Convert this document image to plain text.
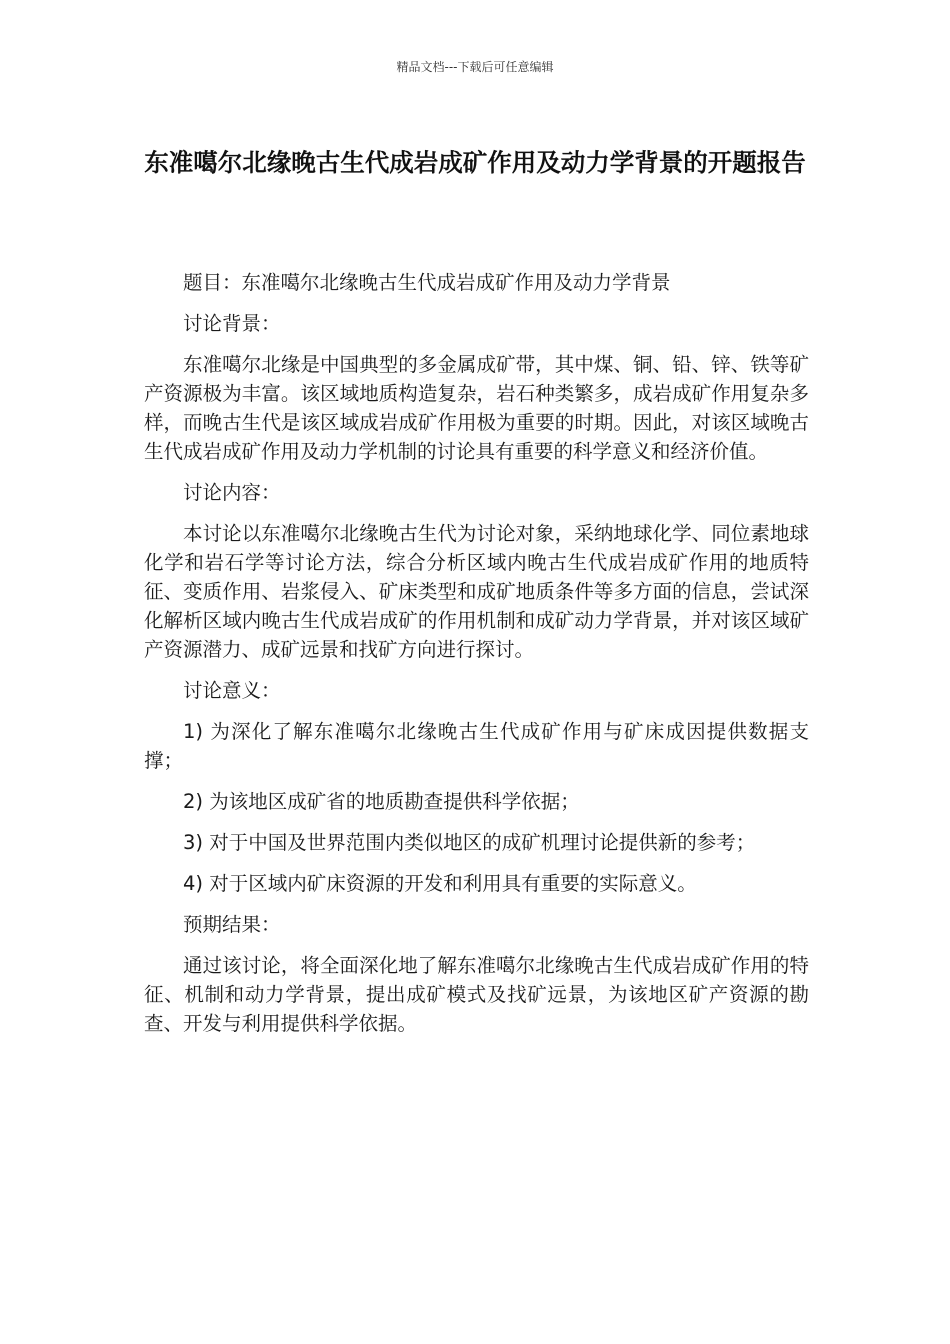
精品文档---下载后可任意编辑
东准噶尔北缘晚古生代成岩成矿作用及动力学背景的开题报告

题目：东准噶尔北缘晚古生代成岩成矿作用及动力学背景

讨论背景：

东准噶尔北缘是中国典型的多金属成矿带，其中煤、铜、铅、锌、铁等矿产资源极为丰富。该区域地质构造复杂，岩石种类繁多，成岩成矿作用复杂多样，而晚古生代是该区域成岩成矿作用极为重要的时期。因此，对该区域晚古生代成岩成矿作用及动力学机制的讨论具有重要的科学意义和经济价值。

讨论内容：

本讨论以东准噶尔北缘晚古生代为讨论对象，采纳地球化学、同位素地球化学和岩石学等讨论方法，综合分析区域内晚古生代成岩成矿作用的地质特征、变质作用、岩浆侵入、矿床类型和成矿地质条件等多方面的信息，尝试深化解析区域内晚古生代成岩成矿的作用机制和成矿动力学背景，并对该区域矿产资源潜力、成矿远景和找矿方向进行探讨。

讨论意义：

1) 为深化了解东准噶尔北缘晚古生代成矿作用与矿床成因提供数据支撑；

2) 为该地区成矿省的地质勘查提供科学依据；

3) 对于中国及世界范围内类似地区的成矿机理讨论提供新的参考；

4) 对于区域内矿床资源的开发和利用具有重要的实际意义。

预期结果：

通过该讨论，将全面深化地了解东准噶尔北缘晚古生代成岩成矿作用的特征、机制和动力学背景，提出成矿模式及找矿远景，为该地区矿产资源的勘查、开发与利用提供科学依据。
